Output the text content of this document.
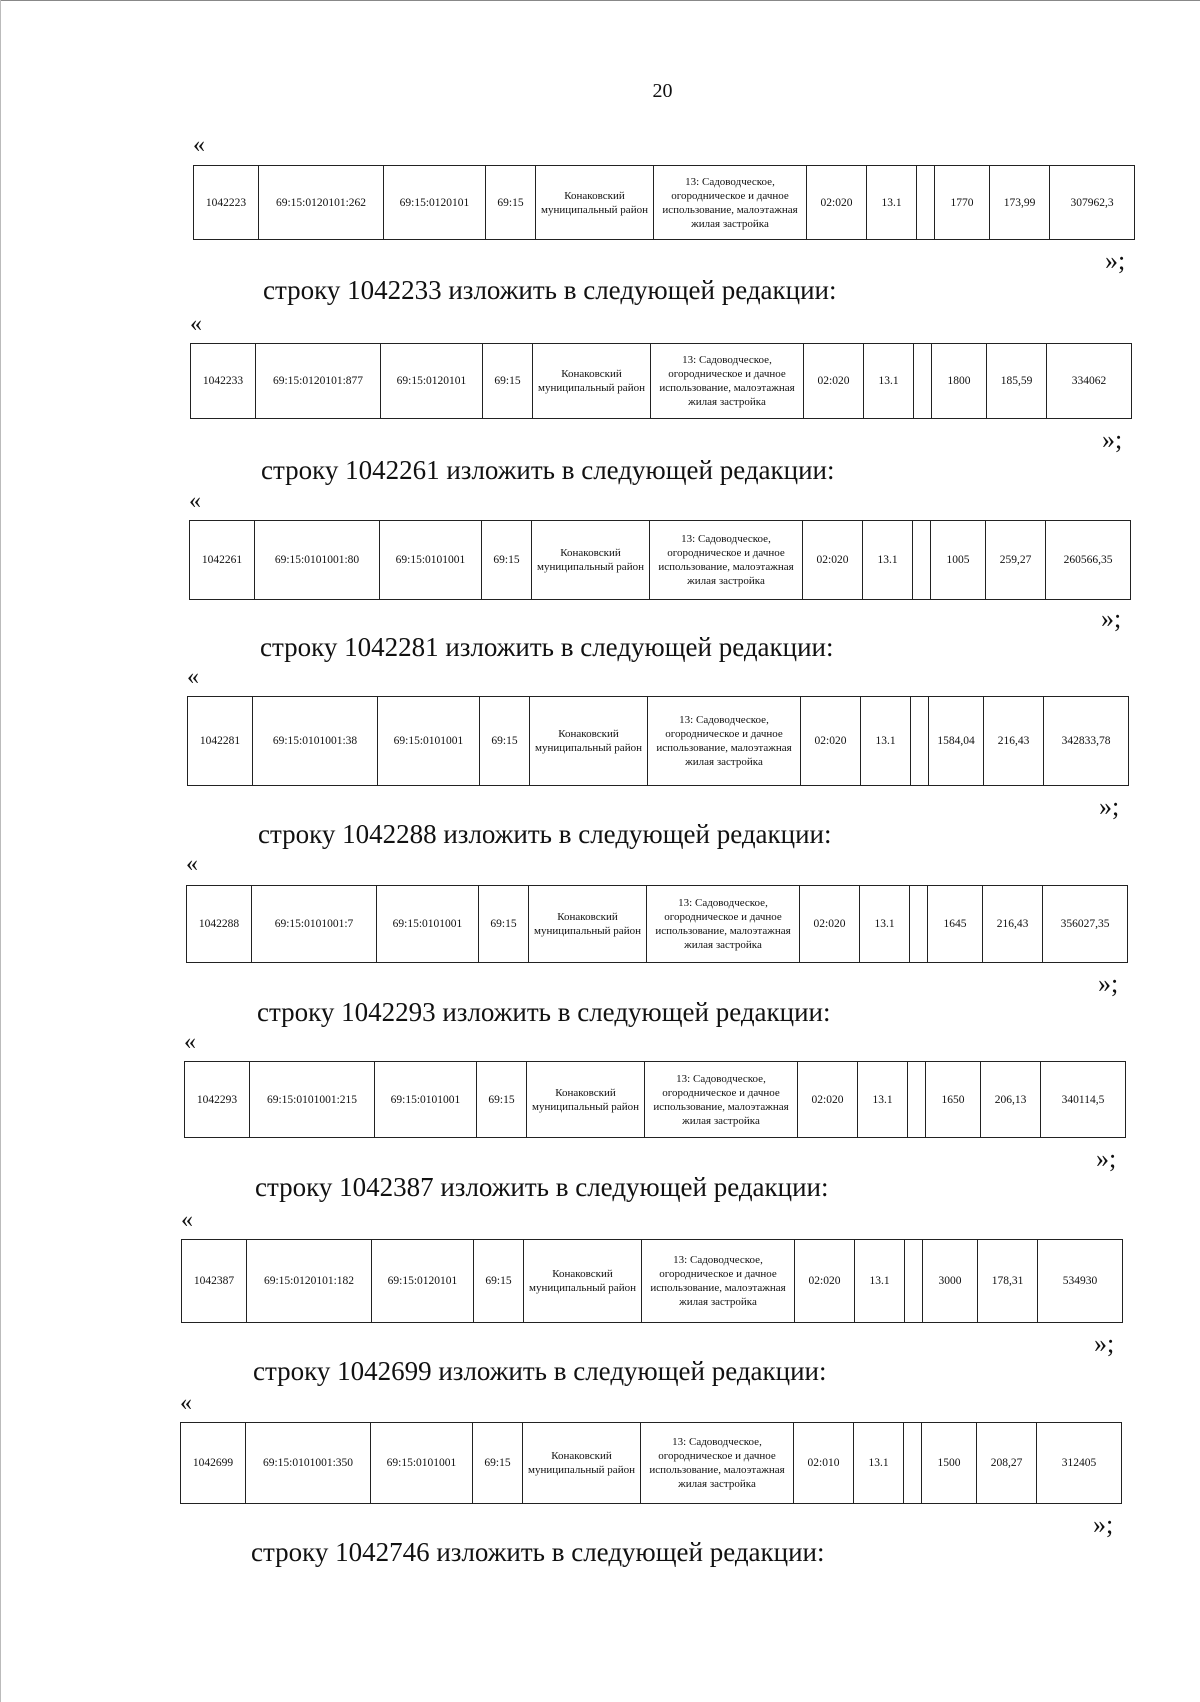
20
«
1042223	69:15:0120101:262	69:15:0120101	69:15	Конаковский муниципальный район	13: Садоводческое, огородническое и дачное использование, малоэтажная жилая застройка	02:020	13.1		1770	173,99	307962,3
»;
строку 1042233 изложить в следующей редакции:
«
1042233	69:15:0120101:877	69:15:0120101	69:15	Конаковский муниципальный район	13: Садоводческое, огородническое и дачное использование, малоэтажная жилая застройка	02:020	13.1		1800	185,59	334062
»;
строку 1042261 изложить в следующей редакции:
«
1042261	69:15:0101001:80	69:15:0101001	69:15	Конаковский муниципальный район	13: Садоводческое, огородническое и дачное использование, малоэтажная жилая застройка	02:020	13.1		1005	259,27	260566,35
»;
строку 1042281 изложить в следующей редакции:
«
1042281	69:15:0101001:38	69:15:0101001	69:15	Конаковский муниципальный район	13: Садоводческое, огородническое и дачное использование, малоэтажная жилая застройка	02:020	13.1		1584,04	216,43	342833,78
»;
строку 1042288 изложить в следующей редакции:
«
1042288	69:15:0101001:7	69:15:0101001	69:15	Конаковский муниципальный район	13: Садоводческое, огородническое и дачное использование, малоэтажная жилая застройка	02:020	13.1		1645	216,43	356027,35
»;
строку 1042293 изложить в следующей редакции:
«
1042293	69:15:0101001:215	69:15:0101001	69:15	Конаковский муниципальный район	13: Садоводческое, огородническое и дачное использование, малоэтажная жилая застройка	02:020	13.1		1650	206,13	340114,5
»;
строку 1042387 изложить в следующей редакции:
«
1042387	69:15:0120101:182	69:15:0120101	69:15	Конаковский муниципальный район	13: Садоводческое, огородническое и дачное использование, малоэтажная жилая застройка	02:020	13.1		3000	178,31	534930
»;
строку 1042699 изложить в следующей редакции:
«
1042699	69:15:0101001:350	69:15:0101001	69:15	Конаковский муниципальный район	13: Садоводческое, огородническое и дачное использование, малоэтажная жилая застройка	02:010	13.1		1500	208,27	312405
»;
строку 1042746 изложить в следующей редакции:
